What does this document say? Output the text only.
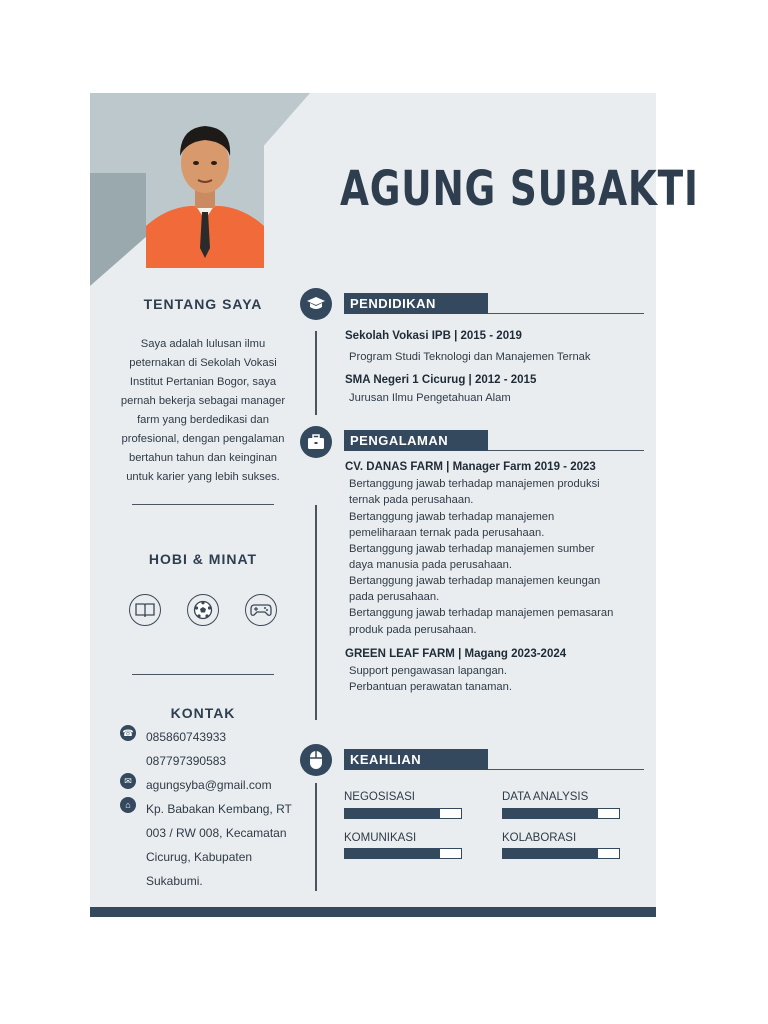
AGUNG SUBAKTI
TENTANG SAYA
Saya adalah lulusan ilmu
peternakan di Sekolah Vokasi
Institut Pertanian Bogor, saya
pernah bekerja sebagai manager
farm yang berdedikasi dan
profesional, dengan pengalaman
bertahun tahun dan keinginan
untuk karier yang lebih sukses.
HOBI & MINAT
KONTAK
☎ 085860743933
087797390583
✉	agungsyba@gmail.com
⌂	Kp. Babakan Kembang, RT
003 / RW 008, Kecamatan
Cicurug, Kabupaten
Sukabumi.
PENDIDIKAN
Sekolah Vokasi IPB | 2015 - 2019
Program Studi Teknologi dan Manajemen Ternak
SMA Negeri 1 Cicurug | 2012 - 2015
Jurusan Ilmu Pengetahuan Alam
PENGALAMAN
CV. DANAS FARM | Manager Farm 2019 - 2023
Bertanggung jawab terhadap manajemen produksi
ternak pada perusahaan.
Bertanggung jawab terhadap manajemen
pemeliharaan ternak pada perusahaan.
Bertanggung jawab terhadap manajemen sumber
daya manusia pada perusahaan.
Bertanggung jawab terhadap manajemen keungan
pada perusahaan.
Bertanggung jawab terhadap manajemen pemasaran
produk pada perusahaan.
GREEN LEAF FARM | Magang 2023-2024
Support pengawasan lapangan.
Perbantuan perawatan tanaman.
KEAHLIAN
NEGOSISASI	DATA ANALYSIS
KOMUNIKASI	KOLABORASI
